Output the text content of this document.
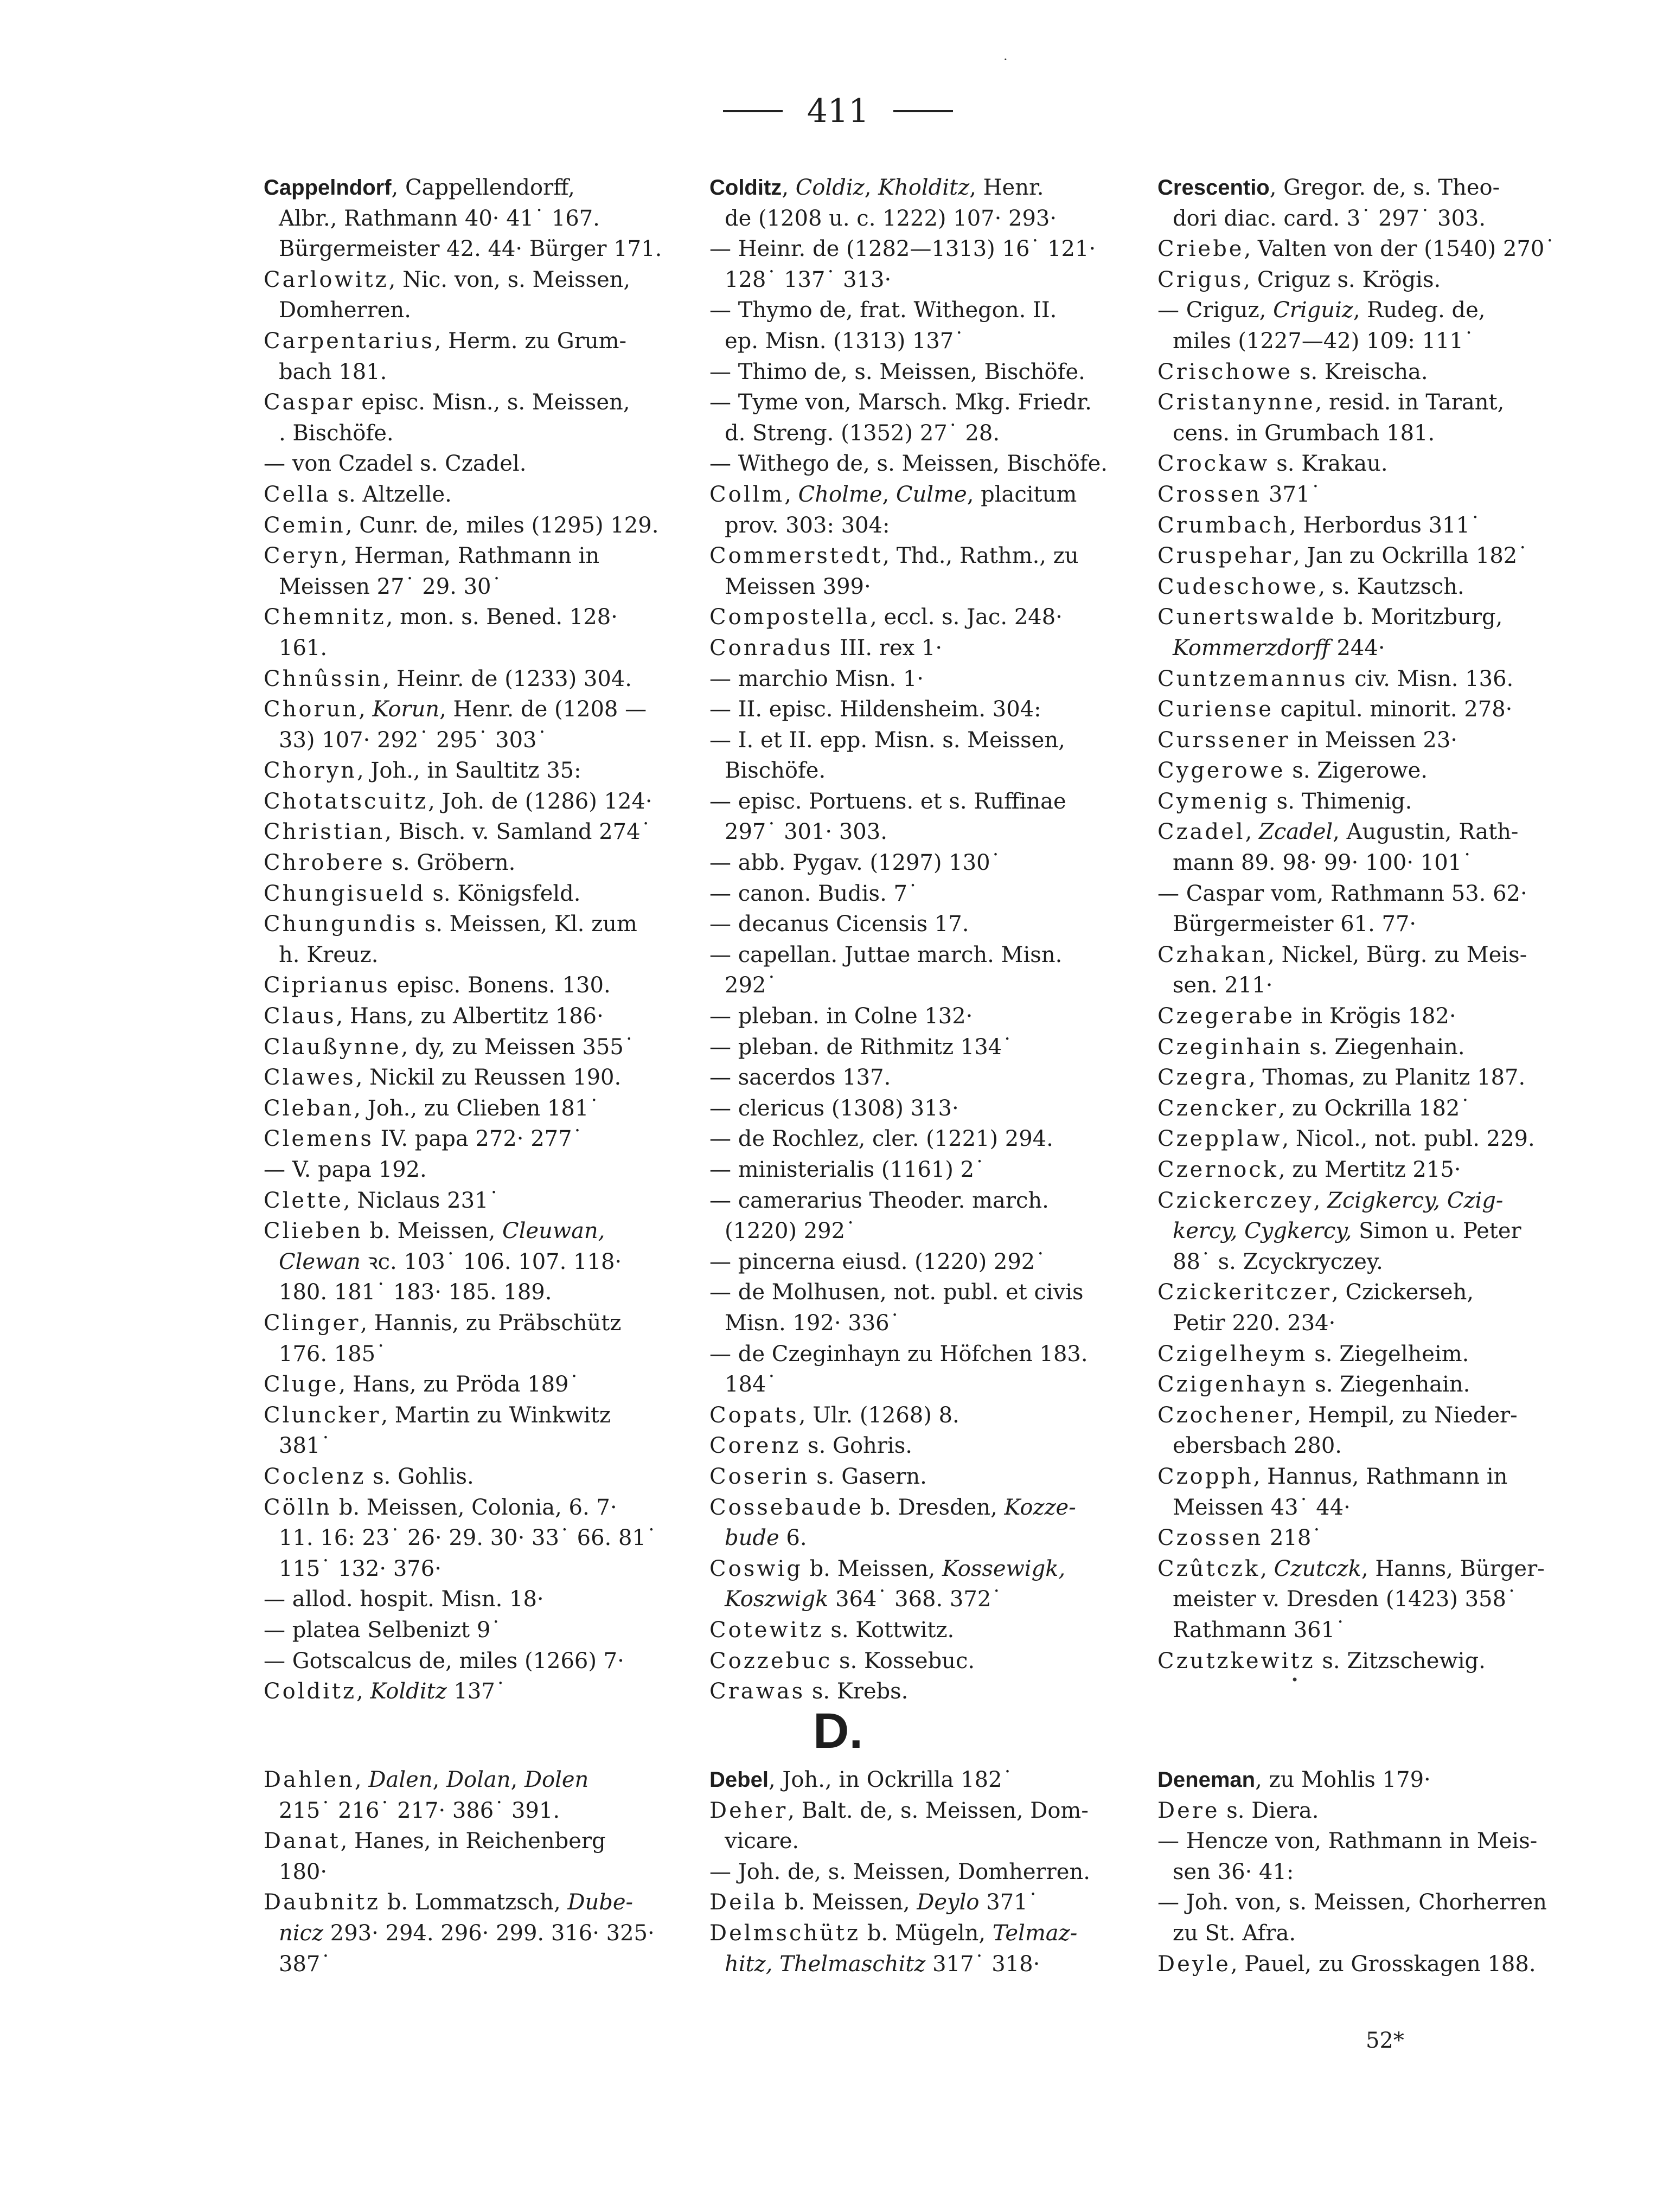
411
·
•

Cappelndorf, Cappellendorff,
Albr., Rathmann 40· 41˙ 167.
Bürgermeister 42. 44· Bürger 171.

Carlowitz, Nic. von, s. Meissen,
Domherren.

Carpentarius, Herm. zu Grum-
bach 181.

Caspar episc. Misn., s. Meissen,
. Bischöfe.

— von Czadel s. Czadel.

Cella s. Altzelle.

Cemin, Cunr. de, miles (1295) 129.

Ceryn, Herman, Rathmann in
Meissen 27˙ 29. 30˙

Chemnitz, mon. s. Bened. 128· 161.

Chnûssin, Heinr. de (1233) 304.

Chorun, Korun, Henr. de (1208 —
33) 107· 292˙ 295˙ 303˙

Choryn, Joh., in Saultitz 35:

Chotatscuitz, Joh. de (1286) 124·

Christian, Bisch. v. Samland 274˙

Chrobere s. Gröbern.

Chungisueld s. Königsfeld.

Chungundis s. Meissen, Kl. zum
h. Kreuz.

Ciprianus episc. Bonens. 130.

Claus, Hans, zu Albertitz 186·

Claußynne, dy, zu Meissen 355˙

Clawes, Nickil zu Reussen 190.

Cleban, Joh., zu Clieben 181˙

Clemens IV. papa 272· 277˙

— V. papa 192.

Clette, Niclaus 231˙

Clieben b. Meissen, Cleuwan,
Clewan ꝛc. 103˙ 106. 107. 118·
180. 181˙ 183· 185. 189.

Clinger, Hannis, zu Präbschütz
176. 185˙

Cluge, Hans, zu Pröda 189˙

Cluncker, Martin zu Winkwitz
381˙

Coclenz s. Gohlis.

Cölln b. Meissen, Colonia, 6. 7·
11. 16: 23˙ 26· 29. 30· 33˙ 66. 81˙
115˙ 132· 376·

— allod. hospit. Misn. 18·

— platea Selbenizt 9˙

— Gotscalcus de, miles (1266) 7·

Colditz, Kolditz 137˙

Colditz, Coldiz, Kholditz, Henr.
de (1208 u. c. 1222) 107· 293·

— Heinr. de (1282—1313) 16˙ 121·
128˙ 137˙ 313·

— Thymo de, frat. Withegon. II.
ep. Misn. (1313) 137˙

— Thimo de, s. Meissen, Bischöfe.

— Tyme von, Marsch. Mkg. Friedr.
d. Streng. (1352) 27˙ 28.

— Withego de, s. Meissen, Bischöfe.

Collm, Cholme, Culme, placitum
prov. 303: 304:

Commerstedt, Thd., Rathm., zu
Meissen 399·

Compostella, eccl. s. Jac. 248·

Conradus III. rex 1·

— marchio Misn. 1·

— II. episc. Hildensheim. 304:

— I. et II. epp. Misn. s. Meissen,
Bischöfe.

— episc. Portuens. et s. Ruffinae
297˙ 301· 303.

— abb. Pygav. (1297) 130˙

— canon. Budis. 7˙

— decanus Cicensis 17.

— capellan. Juttae march. Misn. 292˙

— pleban. in Colne 132·

— pleban. de Rithmitz 134˙

— sacerdos 137.

— clericus (1308) 313·

— de Rochlez, cler. (1221) 294.

— ministerialis (1161) 2˙

— camerarius Theoder. march.
(1220) 292˙

— pincerna eiusd. (1220) 292˙

— de Molhusen, not. publ. et civis
Misn. 192· 336˙

— de Czeginhayn zu Höfchen 183.
184˙

Copats, Ulr. (1268) 8.

Corenz s. Gohris.

Coserin s. Gasern.

Cossebaude b. Dresden, Kozze-
bude 6.

Coswig b. Meissen, Kossewigk,
Koszwigk 364˙ 368. 372˙

Cotewitz s. Kottwitz.

Cozzebuc s. Kossebuc.

Crawas s. Krebs.

Crescentio, Gregor. de, s. Theo-
dori diac. card. 3˙ 297˙ 303.

Criebe, Valten von der (1540) 270˙

Crigus, Criguz s. Krögis.

— Criguz, Criguiz, Rudeg. de,
miles (1227—42) 109: 111˙

Crischowe s. Kreischa.

Cristanynne, resid. in Tarant,
cens. in Grumbach 181.

Crockaw s. Krakau.

Crossen 371˙

Crumbach, Herbordus 311˙

Cruspehar, Jan zu Ockrilla 182˙

Cudeschowe, s. Kautzsch.

Cunertswalde b. Moritzburg,
Kommerzdorff 244·

Cuntzemannus civ. Misn. 136.

Curiense capitul. minorit. 278·

Curssener in Meissen 23·

Cygerowe s. Zigerowe.

Cymenig s. Thimenig.

Czadel, Zcadel, Augustin, Rath-
mann 89. 98· 99· 100· 101˙

— Caspar vom, Rathmann 53. 62·
Bürgermeister 61. 77·

Czhakan, Nickel, Bürg. zu Meis-
sen. 211·

Czegerabe in Krögis 182·

Czeginhain s. Ziegenhain.

Czegra, Thomas, zu Planitz 187.

Czencker, zu Ockrilla 182˙

Czepplaw, Nicol., not. publ. 229.

Czernock, zu Mertitz 215·

Czickerczey, Zcigkercy, Czig-
kercy, Cygkercy, Simon u. Peter
88˙ s. Zcyckryczey.

Czickeritczer, Czickerseh,
Petir 220. 234·

Czigelheym s. Ziegelheim.

Czigenhayn s. Ziegenhain.

Czochener, Hempil, zu Nieder-
ebersbach 280.

Czopph, Hannus, Rathmann in
Meissen 43˙ 44·

Czossen 218˙

Czûtczk, Czutczk, Hanns, Bürger-
meister v. Dresden (1423) 358˙
Rathmann 361˙

Czutzkewitz s. Zitzschewig.

D.

Dahlen, Dalen, Dolan, Dolen
215˙ 216˙ 217· 386˙ 391.

Danat, Hanes, in Reichenberg
180·

Daubnitz b. Lommatzsch, Dube-
nicz 293· 294. 296· 299. 316· 325·
387˙

Debel, Joh., in Ockrilla 182˙

Deher, Balt. de, s. Meissen, Dom-
vicare.

— Joh. de, s. Meissen, Domherren.

Deila b. Meissen, Deylo 371˙

Delmschütz b. Mügeln, Telmaz-
hitz, Thelmaschitz 317˙ 318·

Deneman, zu Mohlis 179·

Dere s. Diera.

— Hencze von, Rathmann in Meis-
sen 36· 41:

— Joh. von, s. Meissen, Chorherren
zu St. Afra.

Deyle, Pauel, zu Grosskagen 188.

52*
